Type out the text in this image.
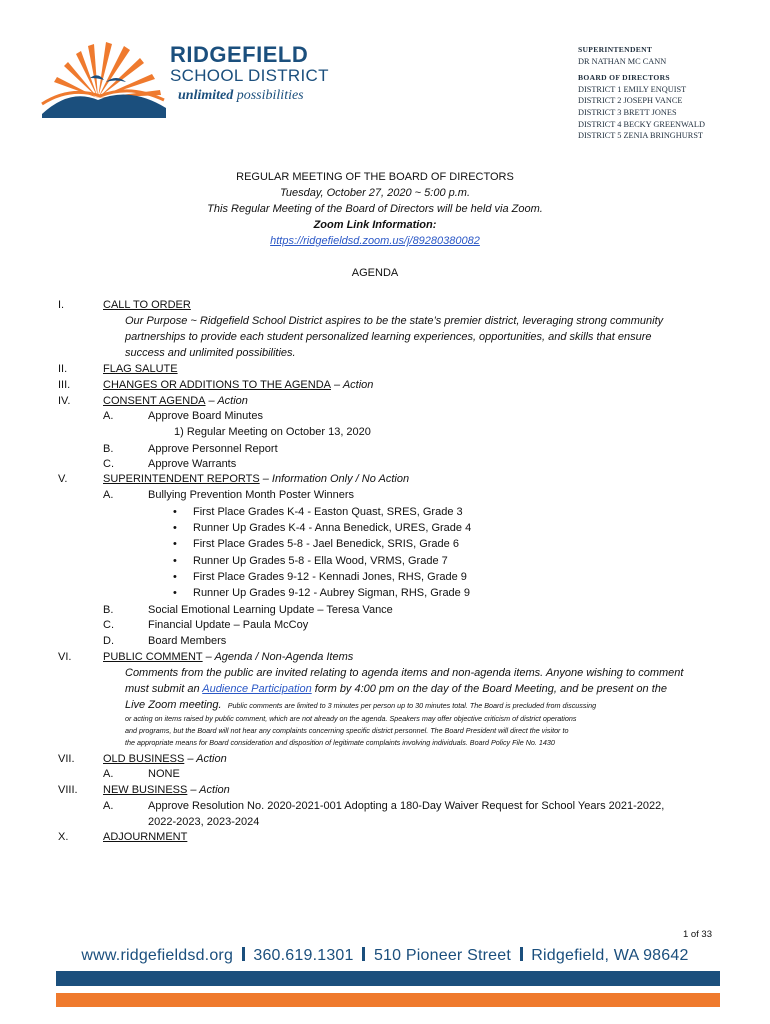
RIDGEFIELD
SCHOOL DISTRICT
unlimited possibilities
SUPERINTENDENT
DR NATHAN MC CANN
BOARD OF DIRECTORS
DISTRICT 1 EMILY ENQUIST
DISTRICT 2 JOSEPH VANCE
DISTRICT 3 BRETT JONES
DISTRICT 4 BECKY GREENWALD
DISTRICT 5 ZENIA BRINGHURST
REGULAR MEETING OF THE BOARD OF DIRECTORS
Tuesday, October 27, 2020 ~ 5:00 p.m.
This Regular Meeting of the Board of Directors will be held via Zoom.
Zoom Link Information:
https://ridgefieldsd.zoom.us/j/89280380082
AGENDA
I.	CALL TO ORDER
Our Purpose ~ Ridgefield School District aspires to be the state’s premier district, leveraging strong community
partnerships to provide each student personalized learning experiences, opportunities, and skills that ensure
success and unlimited possibilities.
II.	FLAG SALUTE
III.	CHANGES OR ADDITIONS TO THE AGENDA – Action
IV.	CONSENT AGENDA – Action
A.	Approve Board Minutes
1) Regular Meeting on October 13, 2020
B.	Approve Personnel Report
C.	Approve Warrants
V.	SUPERINTENDENT REPORTS – Information Only / No Action
A.	Bullying Prevention Month Poster Winners
• First Place Grades K-4 - Easton Quast, SRES, Grade 3
• Runner Up Grades K-4 - Anna Benedick, URES, Grade 4
• First Place Grades 5-8 - Jael Benedick, SRIS, Grade 6
• Runner Up Grades 5-8 - Ella Wood, VRMS, Grade 7
• First Place Grades 9-12 - Kennadi Jones, RHS, Grade 9
• Runner Up Grades 9-12 - Aubrey Sigman, RHS, Grade 9
B.	Social Emotional Learning Update – Teresa Vance
C.	Financial Update – Paula McCoy
D.	Board Members
VI.	PUBLIC COMMENT – Agenda / Non-Agenda Items
Comments from the public are invited relating to agenda items and non-agenda items. Anyone wishing to comment
must submit an Audience Participation form by 4:00 pm on the day of the Board Meeting, and be present on the
Live Zoom meeting. Public comments are limited to 3 minutes per person up to 30 minutes total. The Board is precluded from discussing
or acting on items raised by public comment, which are not already on the agenda. Speakers may offer objective criticism of district operations
and programs, but the Board will not hear any complaints concerning specific district personnel. The Board President will direct the visitor to
the appropriate means for Board consideration and disposition of legitimate complaints involving individuals. Board Policy File No. 1430
VII.	OLD BUSINESS – Action
A.	NONE
VIII. NEW BUSINESS – Action
A.	Approve Resolution No. 2020-2021-001 Adopting a 180-Day Waiver Request for School Years 2021-2022,
2022-2023, 2023-2024
X.	ADJOURNMENT
1 of 33
www.ridgefieldsd.org 360.619.1301 510 Pioneer Street Ridgefield, WA 98642
